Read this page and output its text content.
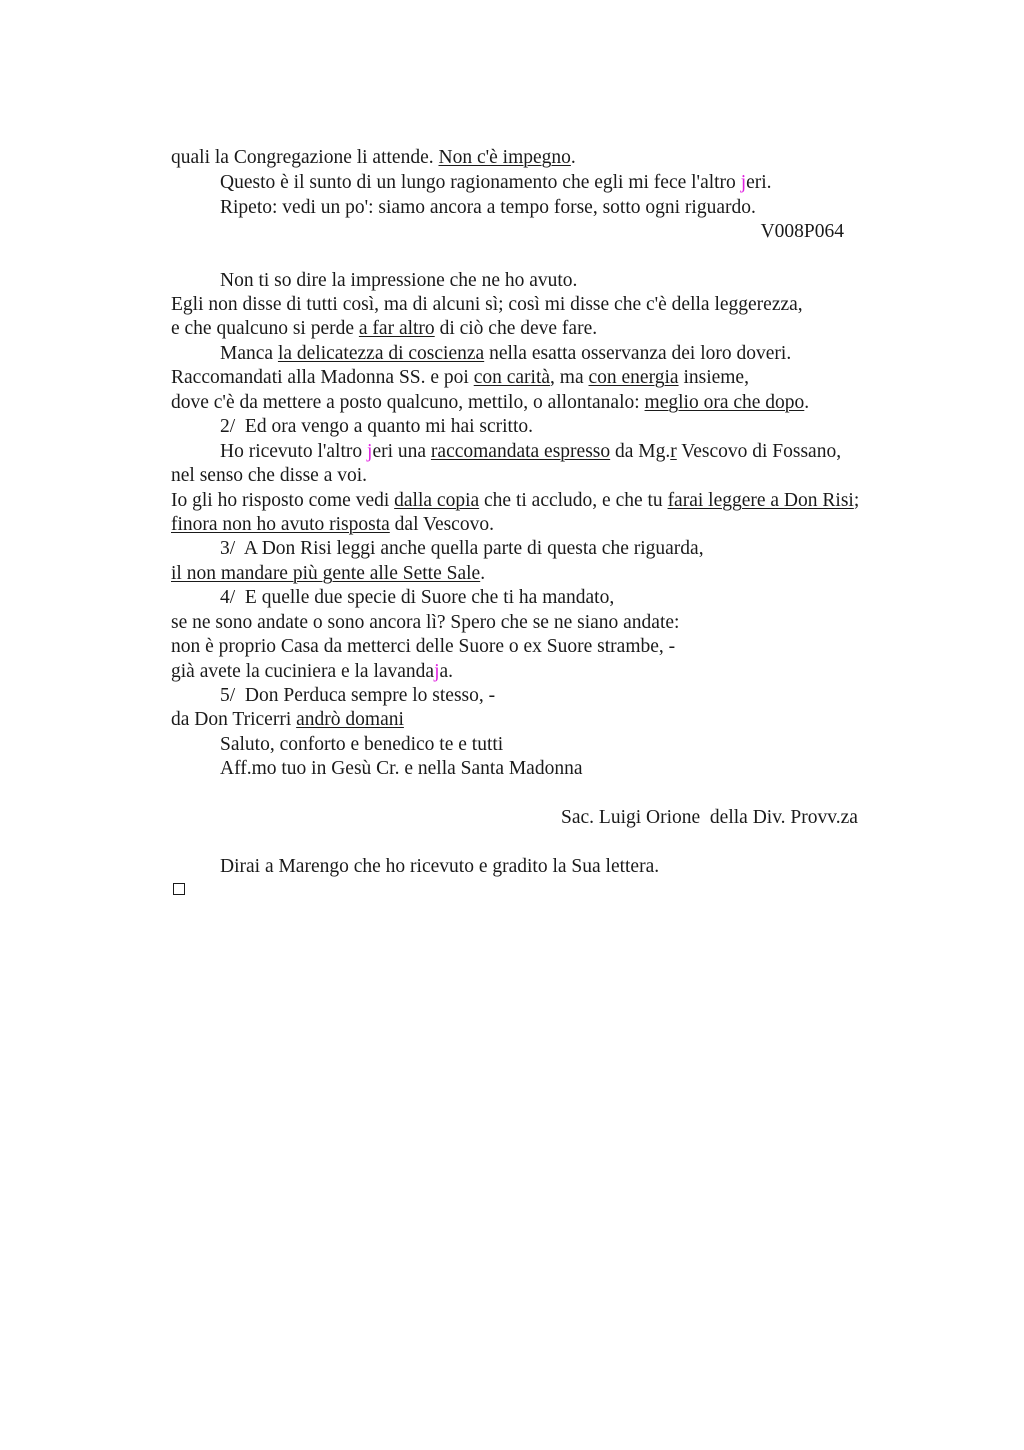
quali la Congregazione li attende. Non c'è impegno.
Questo è il sunto di un lungo ragionamento che egli mi fece l'altro jeri.
Ripeto: vedi un po': siamo ancora a tempo forse, sotto ogni riguardo.
V008P064
Non ti so dire la impressione che ne ho avuto.
Egli non disse di tutti così, ma di alcuni sì; così mi disse che c'è della leggerezza,
e che qualcuno si perde a far altro di ciò che deve fare.
Manca la delicatezza di coscienza nella esatta osservanza dei loro doveri.
Raccomandati alla Madonna SS. e poi con carità, ma con energia insieme,
dove c'è da mettere a posto qualcuno, mettilo, o allontanalo: meglio ora che dopo.
2/  Ed ora vengo a quanto mi hai scritto.
Ho ricevuto l'altro jeri una raccomandata espresso da Mg.r Vescovo di Fossano,
nel senso che disse a voi.
Io gli ho risposto come vedi dalla copia che ti accludo, e che tu farai leggere a Don Risi;
finora non ho avuto risposta dal Vescovo.
3/  A Don Risi leggi anche quella parte di questa che riguarda,
il non mandare più gente alle Sette Sale.
4/  E quelle due specie di Suore che ti ha mandato,
se ne sono andate o sono ancora lì? Spero che se ne siano andate:
non è proprio Casa da metterci delle Suore o ex Suore strambe, -
già avete la cuciniera e la lavandaja.
5/  Don Perduca sempre lo stesso, -
da Don Tricerri andrò domani
Saluto, conforto e benedico te e tutti
Aff.mo tuo in Gesù Cr. e nella Santa Madonna
Sac. Luigi Orione  della Div. Provv.za
Dirai a Marengo che ho ricevuto e gradito la Sua lettera.
